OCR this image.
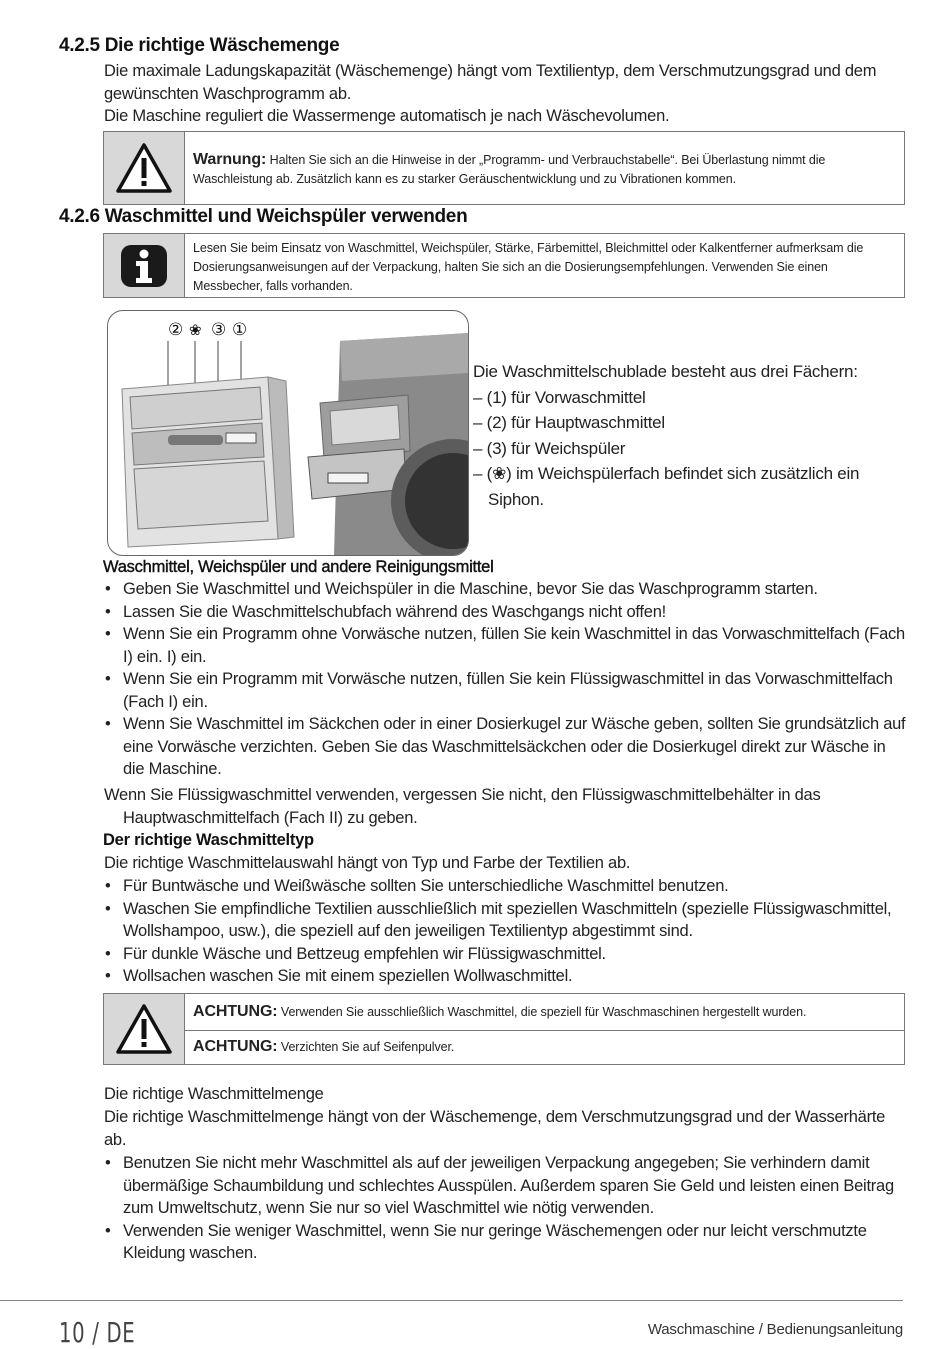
4.2.5 Die richtige Wäschemenge
Die maximale Ladungskapazität (Wäschemenge) hängt vom Textilientyp, dem Verschmutzungsgrad und dem gewünschten Waschprogramm ab.
Die Maschine reguliert die Wassermenge automatisch je nach Wäschevolumen.
Warnung: Halten Sie sich an die Hinweise in der „Programm- und Verbrauchstabelle“. Bei Überlastung nimmt die Waschleistung ab. Zusätzlich kann es zu starker Geräuschentwicklung und zu Vibrationen kommen.
4.2.6 Waschmittel und Weichspüler verwenden
Lesen Sie beim Einsatz von Waschmittel, Weichspüler, Stärke, Färbemittel, Bleichmittel oder Kalkentferner aufmerksam die Dosierungsanweisungen auf der Verpackung, halten Sie sich an die Dosierungsempfehlungen. Verwenden Sie einen Messbecher, falls vorhanden.
② ❀ ③ ①
Die Waschmittelschublade besteht aus drei Fächern:
– (1) für Vorwaschmittel
– (2) für Hauptwaschmittel
– (3) für Weichspüler
– (❀) im Weichspülerfach befindet sich zusätzlich ein
Siphon.
Waschmittel, Weichspüler und andere Reinigungsmittel
• Geben Sie Waschmittel und Weichspüler in die Maschine, bevor Sie das Waschprogramm starten.
• Lassen Sie die Waschmittelschubfach während des Waschgangs nicht offen!
• Wenn Sie ein Programm ohne Vorwäsche nutzen, füllen Sie kein Waschmittel in das Vorwaschmittelfach (Fach I) ein. I) ein.
• Wenn Sie ein Programm mit Vorwäsche nutzen, füllen Sie kein Flüssigwaschmittel in das Vorwaschmittelfach (Fach I) ein.
• Wenn Sie Waschmittel im Säckchen oder in einer Dosierkugel zur Wäsche geben, sollten Sie grundsätzlich auf eine Vorwäsche verzichten. Geben Sie das Waschmittelsäckchen oder die Dosierkugel direkt zur Wäsche in die Maschine.
Wenn Sie Flüssigwaschmittel verwenden, vergessen Sie nicht, den Flüssigwaschmittelbehälter in das Hauptwaschmittelfach (Fach II) zu geben.
Der richtige Waschmitteltyp
Die richtige Waschmittelauswahl hängt von Typ und Farbe der Textilien ab.
• Für Buntwäsche und Weißwäsche sollten Sie unterschiedliche Waschmittel benutzen.
• Waschen Sie empfindliche Textilien ausschließlich mit speziellen Waschmitteln (spezielle Flüssigwaschmittel, Wollshampoo, usw.), die speziell auf den jeweiligen Textilientyp abgestimmt sind.
• Für dunkle Wäsche und Bettzeug empfehlen wir Flüssigwaschmittel.
• Wollsachen waschen Sie mit einem speziellen Wollwaschmittel.
ACHTUNG: Verwenden Sie ausschließlich Waschmittel, die speziell für Waschmaschinen hergestellt wurden.
ACHTUNG: Verzichten Sie auf Seifenpulver.
Die richtige Waschmittelmenge
Die richtige Waschmittelmenge hängt von der Wäschemenge, dem Verschmutzungsgrad und der Wasserhärte ab.
• Benutzen Sie nicht mehr Waschmittel als auf der jeweiligen Verpackung angegeben; Sie verhindern damit übermäßige Schaumbildung und schlechtes Ausspülen. Außerdem sparen Sie Geld und leisten einen Beitrag zum Umweltschutz, wenn Sie nur so viel Waschmittel wie nötig verwenden.
• Verwenden Sie weniger Waschmittel, wenn Sie nur geringe Wäschemengen oder nur leicht verschmutzte Kleidung waschen.
10 / DE	Waschmaschine / Bedienungsanleitung
